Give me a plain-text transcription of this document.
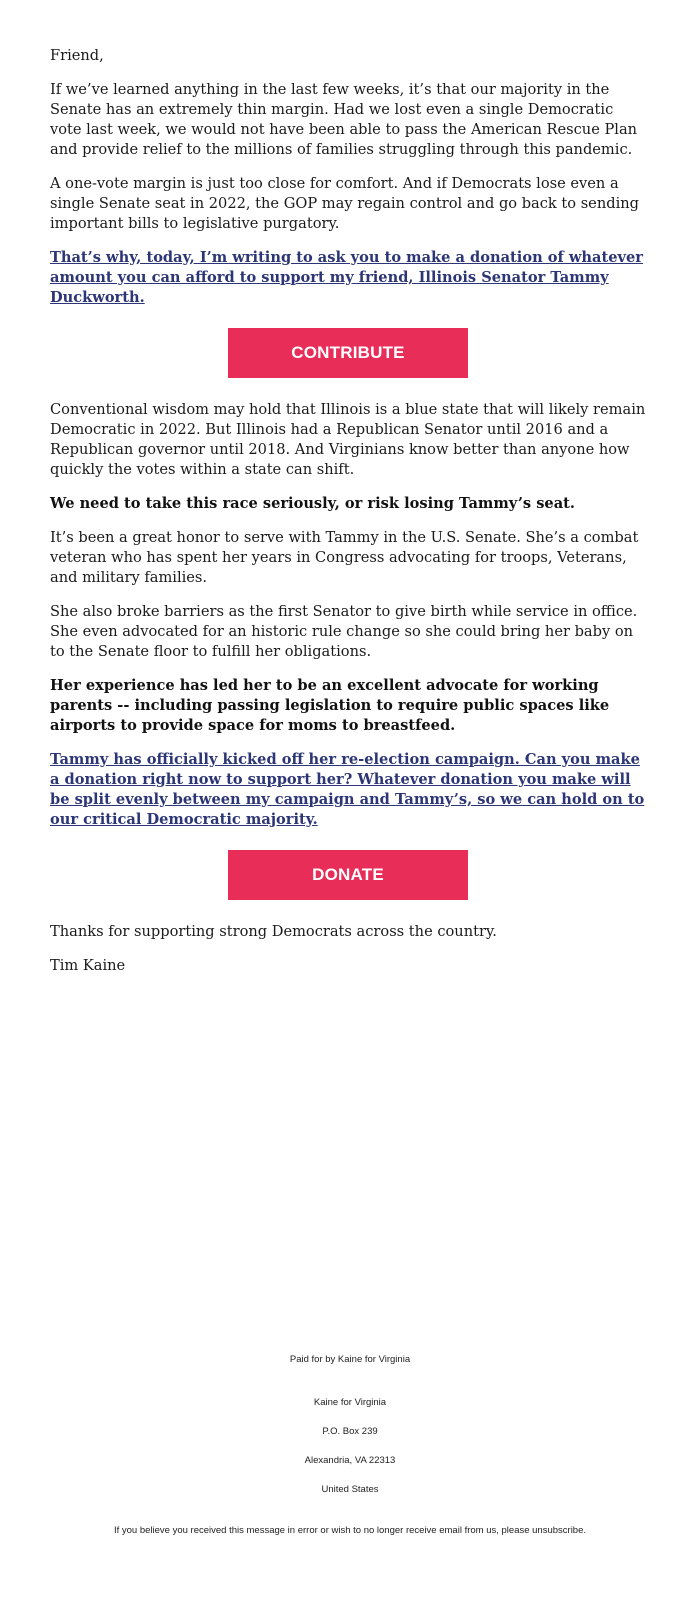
Friend,

If we’ve learned anything in the last few weeks, it’s that our majority in the Senate has an extremely thin margin. Had we lost even a single Democratic vote last week, we would not have been able to pass the American Rescue Plan and provide relief to the millions of families struggling through this pandemic.

A one-vote margin is just too close for comfort. And if Democrats lose even a single Senate seat in 2022, the GOP may regain control and go back to sending important bills to legislative purgatory.

That’s why, today, I’m writing to ask you to make a donation of whatever amount you can afford to support my friend, Illinois Senator Tammy Duckworth.
CONTRIBUTE

Conventional wisdom may hold that Illinois is a blue state that will likely remain Democratic in 2022. But Illinois had a Republican Senator until 2016 and a Republican governor until 2018. And Virginians know better than anyone how quickly the votes within a state can shift.

We need to take this race seriously, or risk losing Tammy’s seat.

It’s been a great honor to serve with Tammy in the U.S. Senate. She’s a combat veteran who has spent her years in Congress advocating for troops, Veterans, and military families.

She also broke barriers as the first Senator to give birth while service in office. She even advocated for an historic rule change so she could bring her baby on to the Senate floor to fulfill her obligations.

Her experience has led her to be an excellent advocate for working parents -- including passing legislation to require public spaces like airports to provide space for moms to breastfeed.

Tammy has officially kicked off her re-election campaign. Can you make a donation right now to support her? Whatever donation you make will be split evenly between my campaign and Tammy’s, so we can hold on to our critical Democratic majority.
DONATE

Thanks for supporting strong Democrats across the country.

Tim Kaine

Paid for by Kaine for Virginia
Kaine for Virginia
P.O. Box 239
Alexandria, VA 22313
United States
If you believe you received this message in error or wish to no longer receive email from us, please unsubscribe.
